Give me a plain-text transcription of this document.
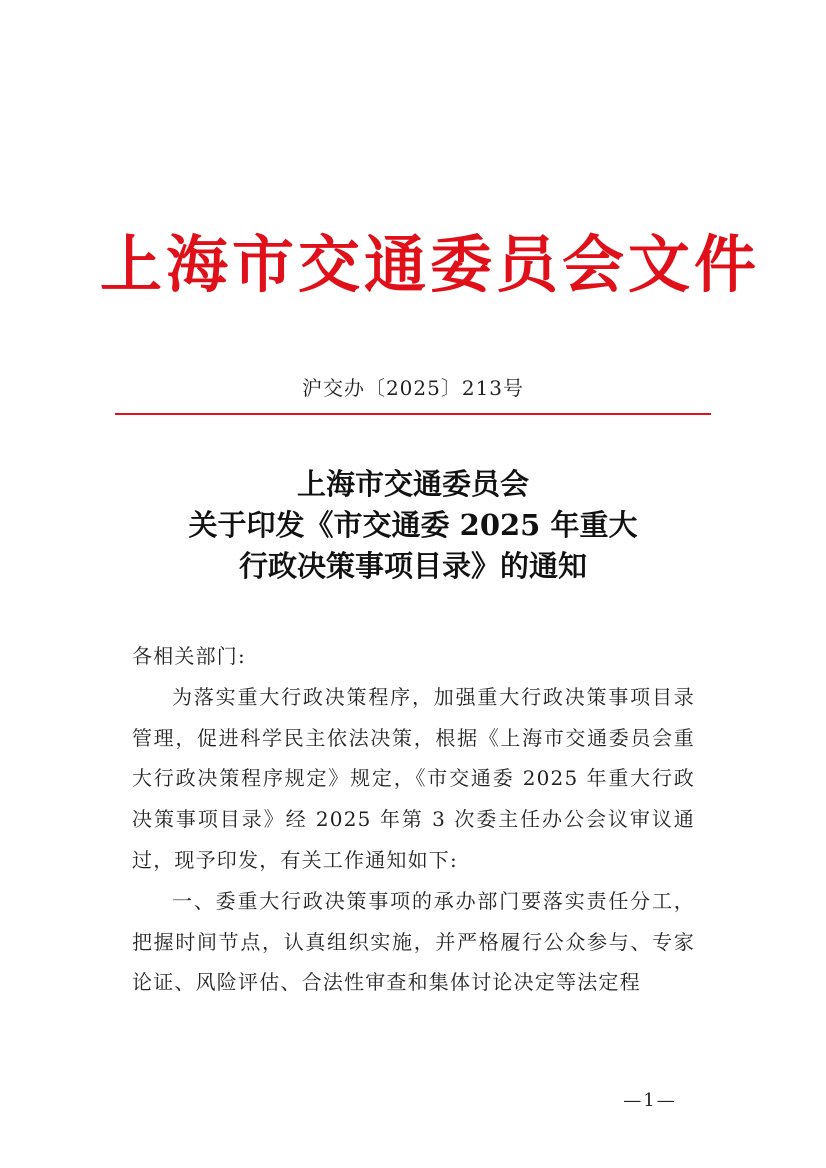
上海市交通委员会文件
沪交办〔2025〕213号
上海市交通委员会
关于印发《市交通委 2025 年重大
行政决策事项目录》的通知

各相关部门:

为落实重大行政决策程序，加强重大行政决策事项目录管理，促进科学民主依法决策，根据《上海市交通委员会重大行政决策程序规定》规定，《市交通委 2025 年重大行政决策事项目录》经 2025 年第 3 次委主任办公会议审议通过，现予印发，有关工作通知如下:

一、委重大行政决策事项的承办部门要落实责任分工，把握时间节点，认真组织实施，并严格履行公众参与、专家论证、风险评估、合法性审查和集体讨论决定等法定程

—1—
